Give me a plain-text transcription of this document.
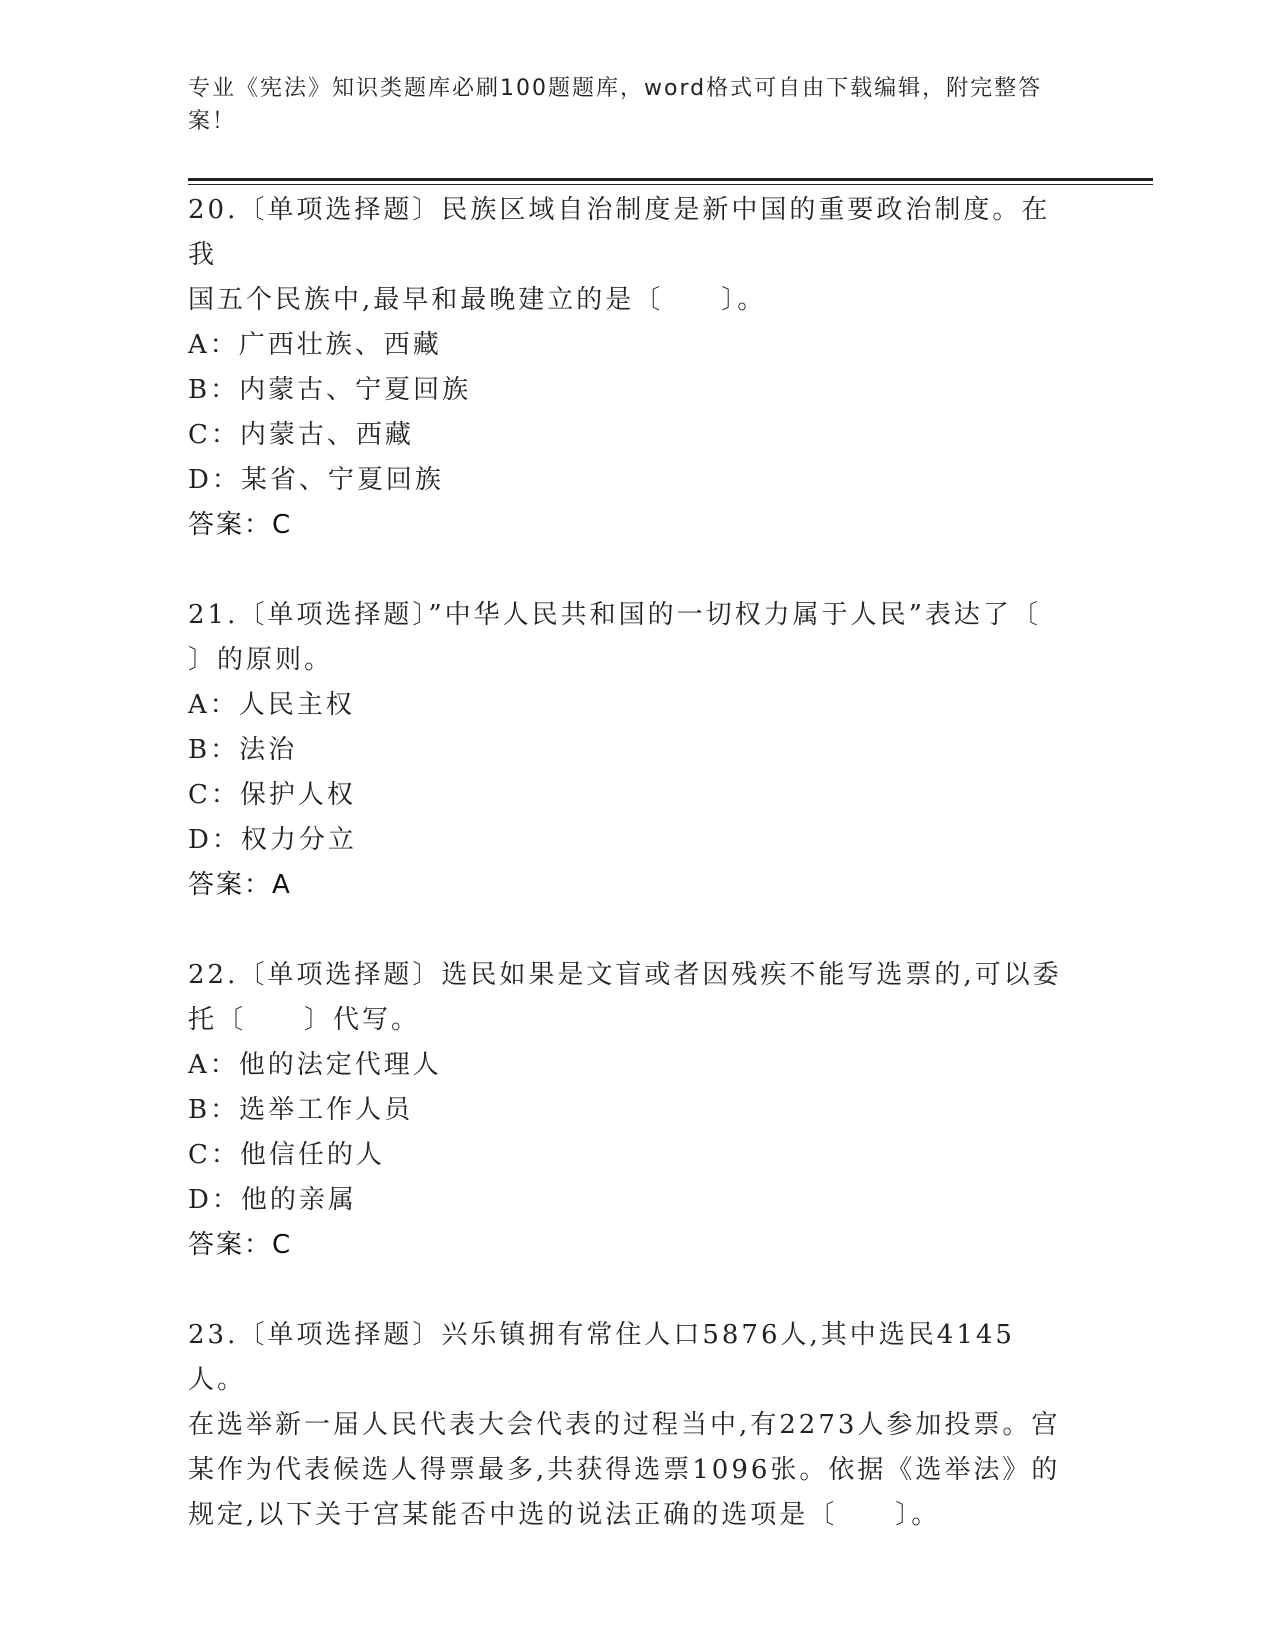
专业《宪法》知识类题库必刷100题题库，word格式可自由下载编辑，附完整答
案！
20.〔单项选择题〕民族区域自治制度是新中国的重要政治制度。在我
国五个民族中,最早和最晚建立的是〔　　〕。
A：广西壮族、西藏
B：内蒙古、宁夏回族
C：内蒙古、西藏
D：某省、宁夏回族
答案：C
21.〔单项选择题〕”中华人民共和国的一切权力属于人民”表达了〔
〕的原则。
A：人民主权
B：法治
C：保护人权
D：权力分立
答案：A
22.〔单项选择题〕选民如果是文盲或者因残疾不能写选票的,可以委
托〔　　〕代写。
A：他的法定代理人
B：选举工作人员
C：他信任的人
D：他的亲属
答案：C
23.〔单项选择题〕兴乐镇拥有常住人口5876人,其中选民4145人。
在选举新一届人民代表大会代表的过程当中,有2273人参加投票。宫
某作为代表候选人得票最多,共获得选票1096张。依据《选举法》的
规定,以下关于宫某能否中选的说法正确的选项是〔　　〕。
